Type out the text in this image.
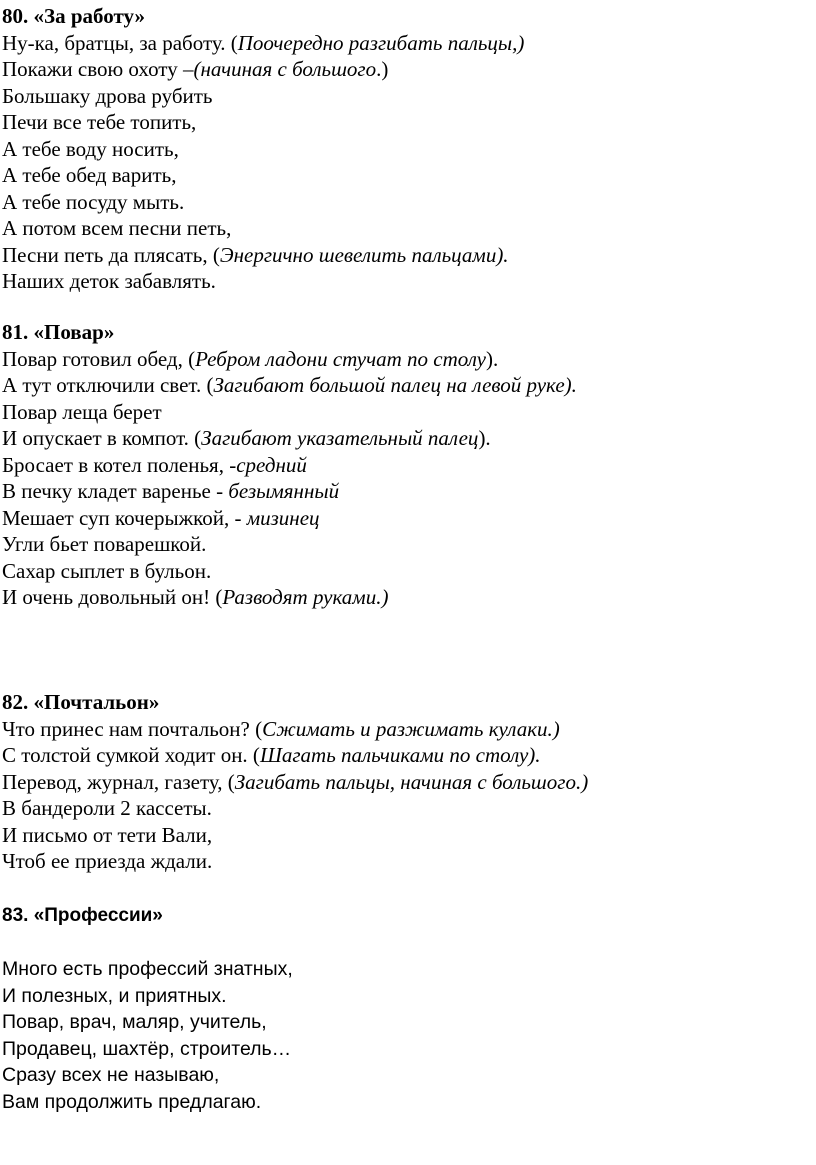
80. «За работу»
Ну-ка, братцы, за работу. (Поочередно разгибать пальцы,)
Покажи свою охоту –(начиная с большого.)
Большаку дрова рубить
Печи все тебе топить,
А тебе воду носить,
А тебе обед варить,
А тебе посуду мыть.
А потом всем песни петь,
Песни петь да плясать, (Энергично шевелить пальцами).
Наших деток забавлять.
81. «Повар»
Повар готовил обед, (Ребром ладони стучат по столу).
А тут отключили свет. (Загибают большой палец на левой руке).
Повар леща берет
И опускает в компот. (Загибают указательный палец).
Бросает в котел поленья, -средний
В печку кладет варенье - безымянный
Мешает суп кочерыжкой, - мизинец
Угли бьет поварешкой.
Сахар сыплет в бульон.
И очень довольный он! (Разводят руками.)
82. «Почтальон»
Что принес нам почтальон? (Сжимать и разжимать кулаки.)
С толстой сумкой ходит он. (Шагать пальчиками по столу).
Перевод, журнал, газету, (Загибать пальцы, начиная с большого.)
В бандероли 2 кассеты.
И письмо от тети Вали,
Чтоб ее приезда ждали.
83. «Профессии»
Много есть профессий знатных,
И полезных, и приятных.
Повар, врач, маляр, учитель,
Продавец, шахтёр, строитель…
Сразу всех не называю,
Вам продолжить предлагаю.
